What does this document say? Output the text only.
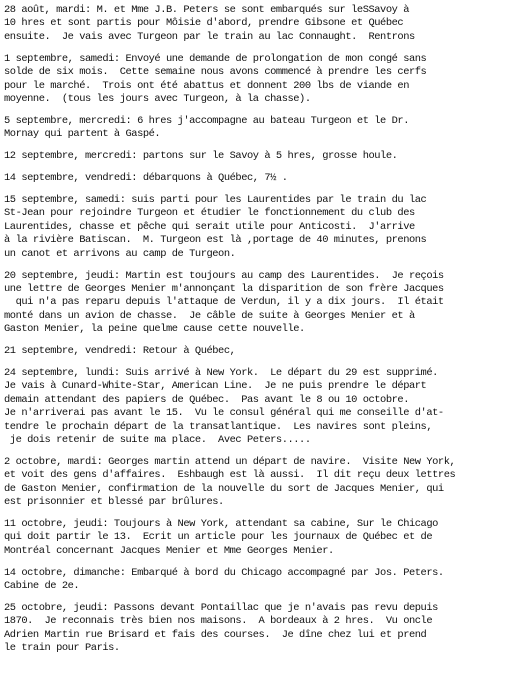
28 août, mardi: M. et Mme J.B. Peters se sont embarqués sur leSSavoy à
10 hres et sont partis pour Môisie d'abord, prendre Gibsone et Québec
ensuite.  Je vais avec Turgeon par le train au lac Connaught.  Rentrons
1 septembre, samedi: Envoyé une demande de prolongation de mon congé sans
solde de six mois.  Cette semaine nous avons commencé à prendre les cerfs
pour le marché.  Trois ont été abattus et donnent 200 lbs de viande en
moyenne.  (tous les jours avec Turgeon, à la chasse).
5 septembre, mercredi: 6 hres j'accompagne au bateau Turgeon et le Dr.
Mornay qui partent à Gaspé.
12 septembre, mercredi: partons sur le Savoy à 5 hres, grosse houle.
14 septembre, vendredi: débarquons à Québec, 7½ .
15 septembre, samedi: suis parti pour les Laurentides par le train du lac
St-Jean pour rejoindre Turgeon et étudier le fonctionnement du club des
Laurentides, chasse et pêche qui serait utile pour Anticosti.  J'arrive
à la rivière Batiscan.  M. Turgeon est là ,portage de 40 minutes, prenons
un canot et arrivons au camp de Turgeon.
20 septembre, jeudi: Martin est toujours au camp des Laurentides.  Je reçois
une lettre de Georges Menier m'annonçant la disparition de son frère Jacques
qui n'a pas reparu depuis l'attaque de Verdun, il y a dix jours.  Il était
monté dans un avion de chasse.  Je câble de suite à Georges Menier et à
Gaston Menier, la peine quelme cause cette nouvelle.
21 septembre, vendredi: Retour à Québec,
24 septembre, lundi: Suis arrivé à New York.  Le départ du 29 est supprimé.
Je vais à Cunard-White-Star, American Line.  Je ne puis prendre le départ
demain attendant des papiers de Québec.  Pas avant le 8 ou 10 octobre.
Je n'arriverai pas avant le 15.  Vu le consul général qui me conseille d'at-
tendre le prochain départ de la transatlantique.  Les navires sont pleins,
je dois retenir de suite ma place.  Avec Peters.....
2 octobre, mardi: Georges martin attend un départ de navire.  Visite New York,
et voit des gens d'affaires.  Eshbaugh est là aussi.  Il dit reçu deux lettres
de Gaston Menier, confirmation de la nouvelle du sort de Jacques Menier, qui
est prisonnier et blessé par brûlures.
11 octobre, jeudi: Toujours à New York, attendant sa cabine, Sur le Chicago
qui doit partir le 13.  Ecrit un article pour les journaux de Québec et de
Montréal concernant Jacques Menier et Mme Georges Menier.
14 octobre, dimanche: Embarqué à bord du Chicago accompagné par Jos. Peters.
Cabine de 2e.
25 octobre, jeudi: Passons devant Pontaillac que je n'avais pas revu depuis
1870.  Je reconnais très bien nos maisons.  A bordeaux à 2 hres.  Vu oncle
Adrien Martin rue Brisard et fais des courses.  Je dîne chez lui et prend
le train pour Paris.
